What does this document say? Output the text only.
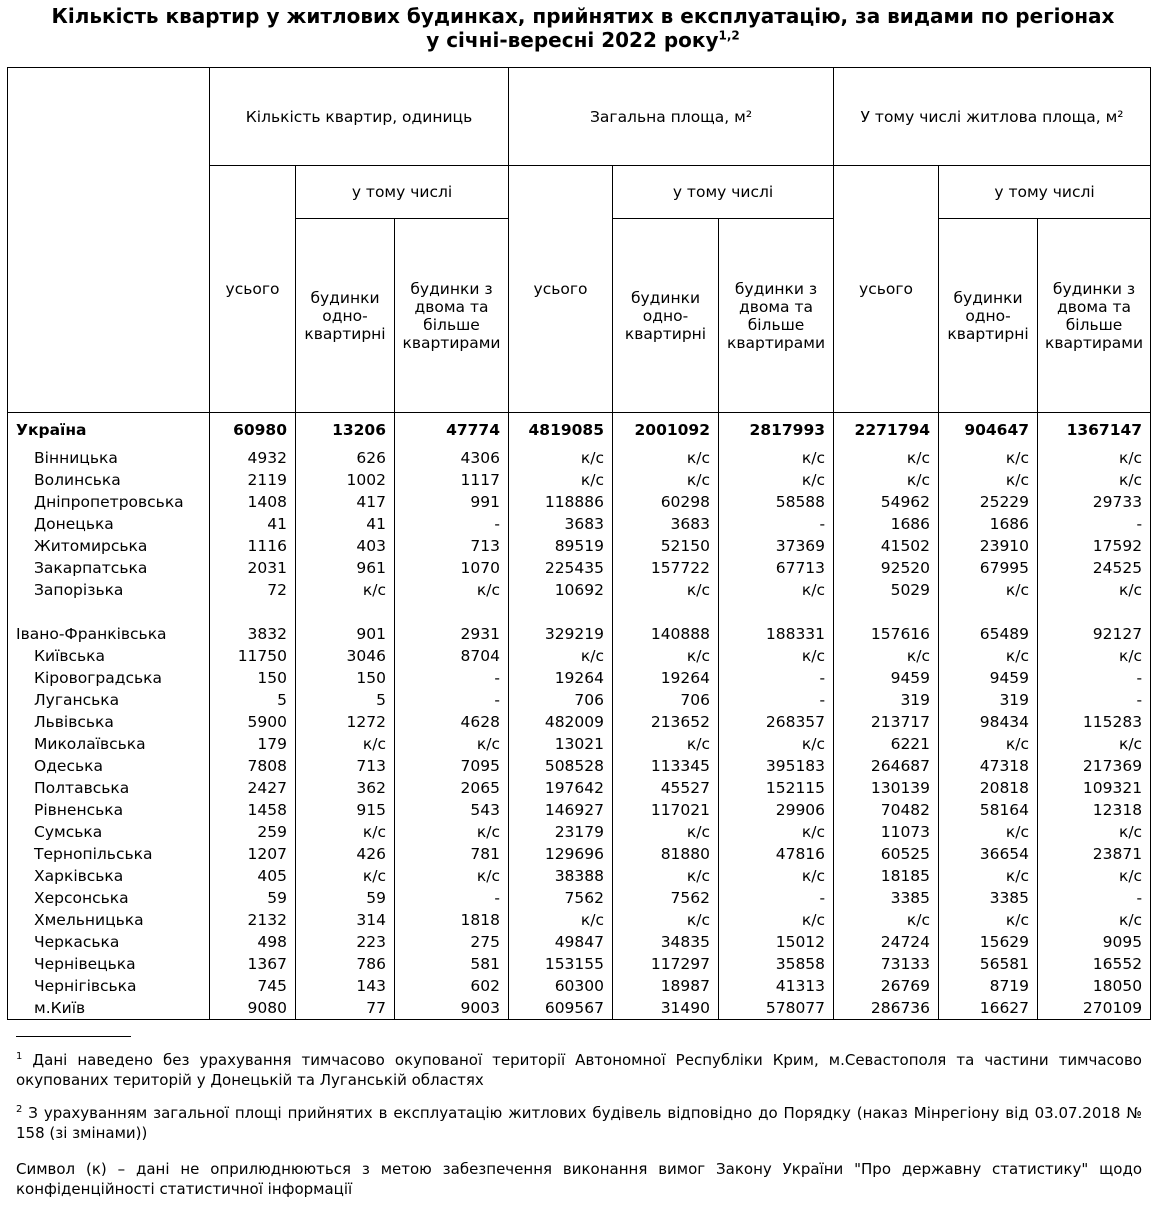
Кількість квартир у житлових будинках, прийнятих в експлуатацію, за видами по регіонах
у січні-вересні 2022 року$^{1,2}$
	Кількість квартир, одиниць			Загальна площа, м²			У тому числі житлова площа, м²		
	усього	у тому числі		усього	у тому числі		усього	у тому числі	
		будинки одно-квартирні	будинки з двома та більше квартирами		будинки одно-квартирні	будинки з двома та більше квартирами		будинки одно-квартирні	будинки з двома та більше квартирами
Україна	60980	13206	47774	4819085	2001092	2817993	2271794	904647	1367147
Вінницька	4932	626	4306	к/с	к/с	к/с	к/с	к/с	к/с
Волинська	2119	1002	1117	к/с	к/с	к/с	к/с	к/с	к/с
Дніпропетровська	1408	417	991	118886	60298	58588	54962	25229	29733
Донецька	41	41	-	3683	3683	-	1686	1686	-
Житомирська	1116	403	713	89519	52150	37369	41502	23910	17592
Закарпатська	2031	961	1070	225435	157722	67713	92520	67995	24525
Запорізька	72	к/с	к/с	10692	к/с	к/с	5029	к/с	к/с
Івано-Франківська	3832	901	2931	329219	140888	188331	157616	65489	92127
Київська	11750	3046	8704	к/с	к/с	к/с	к/с	к/с	к/с
Кіровоградська	150	150	-	19264	19264	-	9459	9459	-
Луганська	5	5	-	706	706	-	319	319	-
Львівська	5900	1272	4628	482009	213652	268357	213717	98434	115283
Миколаївська	179	к/с	к/с	13021	к/с	к/с	6221	к/с	к/с
Одеська	7808	713	7095	508528	113345	395183	264687	47318	217369
Полтавська	2427	362	2065	197642	45527	152115	130139	20818	109321
Рівненська	1458	915	543	146927	117021	29906	70482	58164	12318
Сумська	259	к/с	к/с	23179	к/с	к/с	11073	к/с	к/с
Тернопільська	1207	426	781	129696	81880	47816	60525	36654	23871
Харківська	405	к/с	к/с	38388	к/с	к/с	18185	к/с	к/с
Херсонська	59	59	-	7562	7562	-	3385	3385	-
Хмельницька	2132	314	1818	к/с	к/с	к/с	к/с	к/с	к/с
Черкаська	498	223	275	49847	34835	15012	24724	15629	9095
Чернівецька	1367	786	581	153155	117297	35858	73133	56581	16552
Чернігівська	745	143	602	60300	18987	41313	26769	8719	18050
м.Київ	9080	77	9003	609567	31490	578077	286736	16627	270109
$^1$ Дані наведено без урахування тимчасово окупованої території Автономної Республіки Крим, м.Севастополя та частини тимчасово окупованих територій у Донецькій та Луганській областях
$^2$ З урахуванням загальної площі прийнятих в експлуатацію житлових будівель відповідно до Порядку (наказ Мінрегіону від 03.07.2018 № 158 (зі змінами))
Символ (к) – дані не оприлюднюються з метою забезпечення виконання вимог Закону України "Про державну статистику" щодо конфіденційності статистичної інформації
